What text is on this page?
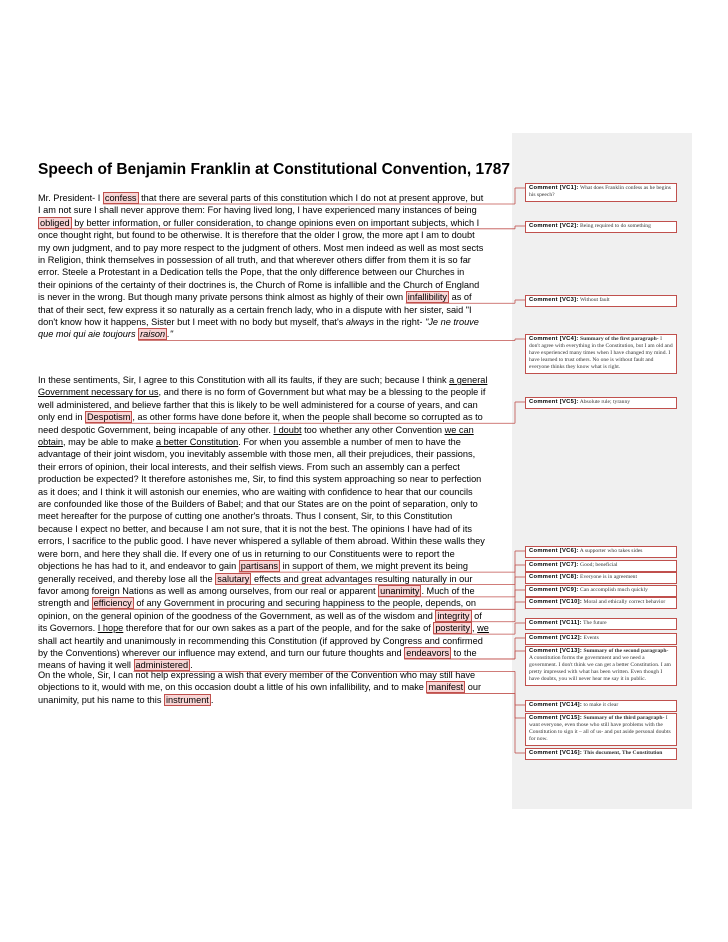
Speech of Benjamin Franklin at Constitutional Convention, 1787

Mr. President- I confess that there are several parts of this constitution which I do not at present approve, but
I am not sure I shall never approve them: For having lived long, I have experienced many instances of being
obliged by better information, or fuller consideration, to change opinions even on important subjects, which I
once thought right, but found to be otherwise. It is therefore that the older I grow, the more apt I am to doubt
my own judgment, and to pay more respect to the judgment of others. Most men indeed as well as most sects
in Religion, think themselves in possession of all truth, and that wherever others differ from them it is so far
error. Steele a Protestant in a Dedication tells the Pope, that the only difference between our Churches in
their opinions of the certainty of their doctrines is, the Church of Rome is infallible and the Church of England
is never in the wrong. But though many private persons think almost as highly of their own infallibility as of
that of their sect, few express it so naturally as a certain french lady, who in a dispute with her sister, said "I
don't know how it happens, Sister but I meet with no body but myself, that's always in the right- "Je ne trouve
que moi qui aie toujours raison ."

In these sentiments, Sir, I agree to this Constitution with all its faults, if they are such; because I think a general
Government necessary for us, and there is no form of Government but what may be a blessing to the people if
well administered, and believe farther that this is likely to be well administered for a course of years, and can
only end in Despotism , as other forms have done before it, when the people shall become so corrupted as to
need despotic Government, being incapable of any other. I doubt too whether any other Convention we can
obtain, may be able to make a better Constitution. For when you assemble a number of men to have the
advantage of their joint wisdom, you inevitably assemble with those men, all their prejudices, their passions,
their errors of opinion, their local interests, and their selfish views. From such an assembly can a perfect
production be expected? It therefore astonishes me, Sir, to find this system approaching so near to perfection
as it does; and I think it will astonish our enemies, who are waiting with confidence to hear that our councils
are confounded like those of the Builders of Babel; and that our States are on the point of separation, only to
meet hereafter for the purpose of cutting one another's throats. Thus I consent, Sir, to this Constitution
because I expect no better, and because I am not sure, that it is not the best. The opinions I have had of its
errors, I sacrifice to the public good. I have never whispered a syllable of them abroad. Within these walls they
were born, and here they shall die. If every one of us in returning to our Constituents were to report the
objections he has had to it, and endeavor to gain partisans in support of them, we might prevent its being
generally received, and thereby lose all the salutary effects and great advantages resulting naturally in our
favor among foreign Nations as well as among ourselves, from our real or apparent unanimity . Much of the
strength and efficiency of any Government in procuring and securing happiness to the people, depends, on
opinion, on the general opinion of the goodness of the Government, as well as of the wisdom and integrity of
its Governors. I hope therefore that for our own sakes as a part of the people, and for the sake of posterity , we
shall act heartily and unanimously in recommending this Constitution (if approved by Congress and confirmed
by the Conventions) wherever our influence may extend, and turn our future thoughts and endeavors to the
means of having it well administered .

On the whole, Sir, I can not help expressing a wish that every member of the Convention who may still have
objections to it, would with me, on this occasion doubt a little of his own infallibility, and to make manifest our
unanimity, put his name to this instrument .

Comment [VC1]: What does Franklin confess as he begins his speech?
Comment [VC2]: Being required to do something
Comment [VC3]: Without fault
Comment [VC4]: Summary of the first paragraph- I don't agree with everything in the Constitution, but I am old and have experienced many times when I have changed my mind. I have learned to trust others. No one is without fault and everyone thinks they know what is right.
Comment [VC5]: Absolute rule; tyranny
Comment [VC6]: A supporter who takes sides
Comment [VC7]: Good; beneficial
Comment [VC8]: Everyone is in agreement
Comment [VC9]: Can accomplish much quickly
Comment [VC10]: Moral and ethically correct behavior
Comment [VC11]: The future
Comment [VC12]: Events
Comment [VC13]: Summary of the second paragraph- A constitution forms the government and we need a government. I don't think we can get a better Constitution. I am pretty impressed with what has been written. Even though I have doubts, you will never hear me say it in public.
Comment [VC14]: to make it clear
Comment [VC15]: Summary of the third paragraph- I want everyone, even those who still have problems with the Constitution to sign it – all of us- and put aside personal doubts for now.
Comment [VC16]: This document, The Constitution
